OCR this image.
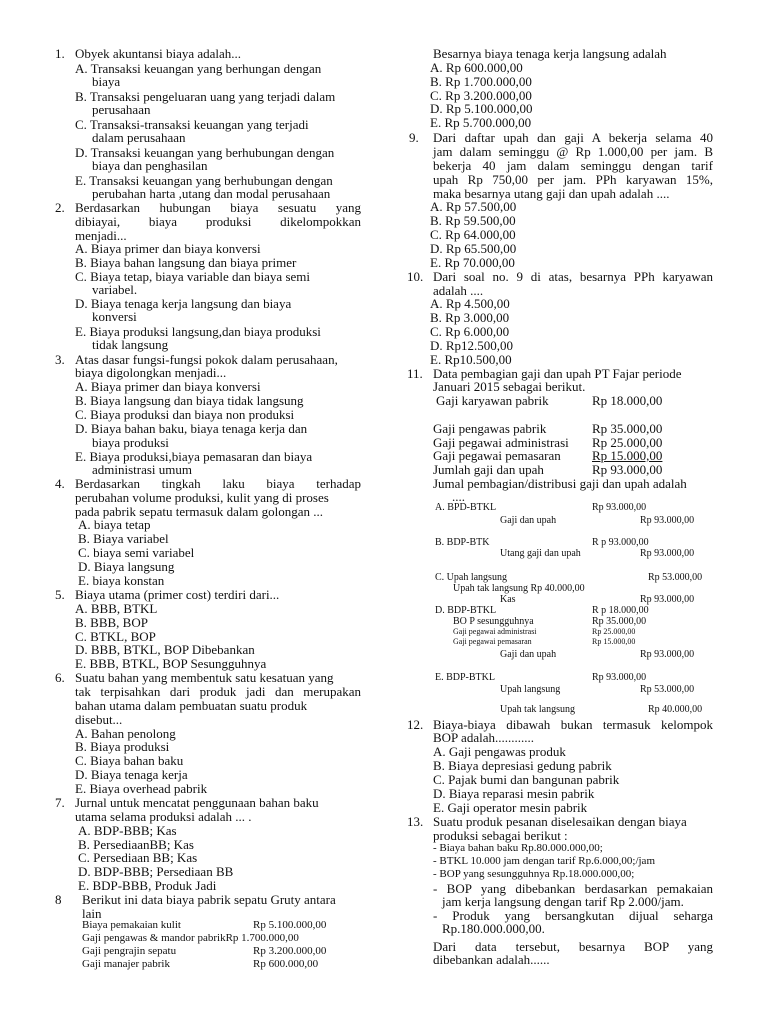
1. Obyek akuntansi biaya adalah...
A. Transaksi keuangan yang berhungan dengan
biaya
B. Transaksi pengeluaran uang yang terjadi dalam
perusahaan
C. Transaksi-transaksi keuangan yang terjadi
dalam perusahaan
D. Transaksi keuangan yang berhubungan dengan
biaya dan penghasilan
E. Transaksi keuangan yang berhubungan dengan
perubahan harta ,utang dan modal perusahaan
2. Berdasarkan hubungan biaya sesuatu yang
dibiayai, biaya produksi dikelompokkan
menjadi...
A. Biaya primer dan biaya konversi
B. Biaya bahan langsung dan biaya primer
C. Biaya tetap, biaya variable dan biaya semi
variabel.
D. Biaya tenaga kerja langsung dan biaya
konversi
E. Biaya produksi langsung,dan biaya produksi
tidak langsung
3. Atas dasar fungsi-fungsi pokok dalam perusahaan,
biaya digolongkan menjadi...
A. Biaya primer dan biaya konversi
B. Biaya langsung dan biaya tidak langsung
C. Biaya produksi dan biaya non produksi
D. Biaya bahan baku, biaya tenaga kerja dan
biaya produksi
E. Biaya produksi,biaya pemasaran dan biaya
administrasi umum
4. Berdasarkan tingkah laku biaya terhadap
perubahan volume produksi, kulit yang di proses
pada pabrik sepatu termasuk dalam golongan ...
A. biaya tetap
B. Biaya variabel
C. biaya semi variabel
D. Biaya langsung
E. biaya konstan
5. Biaya utama (primer cost) terdiri dari...
A. BBB, BTKL
B. BBB, BOP
C. BTKL, BOP
D. BBB, BTKL, BOP Dibebankan
E. BBB, BTKL, BOP Sesungguhnya
6. Suatu bahan yang membentuk satu kesatuan yang
tak terpisahkan dari produk jadi dan merupakan
bahan utama dalam pembuatan suatu produk
disebut...
A. Bahan penolong
B. Biaya produksi
C. Biaya bahan baku
D. Biaya tenaga kerja
E. Biaya overhead pabrik
7. Jurnal untuk mencatat penggunaan bahan baku
utama selama produksi adalah ... .
A. BDP-BBB; Kas
B. PersediaanBB; Kas
C. Persediaan BB; Kas
D. BDP-BBB; Persediaan BB
E. BDP-BBB, Produk Jadi
8 Berikut ini data biaya pabrik sepatu Gruty antara
lain
Biaya pemakaian kulit	Rp 5.100.000,00
Gaji pengawas & mandor pabrikRp 1.700.000,00
Gaji pengrajin sepatu	Rp 3.200.000,00
Gaji manajer pabrik	Rp 600.000,00
Besarnya biaya tenaga kerja langsung adalah
A. Rp 600.000,00
B. Rp 1.700.000,00
C. Rp 3.200.000,00
D. Rp 5.100.000,00
E. Rp 5.700.000,00
9. Dari daftar upah dan gaji A bekerja selama 40
jam dalam seminggu @ Rp 1.000,00 per jam. B
bekerja 40 jam dalam seminggu dengan tarif
upah Rp 750,00 per jam. PPh karyawan 15%,
maka besarnya utang gaji dan upah adalah ....
A. Rp 57.500,00
B. Rp 59.500,00
C. Rp 64.000,00
D. Rp 65.500,00
E. Rp 70.000,00
10. Dari soal no. 9 di atas, besarnya PPh karyawan
adalah ....
A. Rp 4.500,00
B. Rp 3.000,00
C. Rp 6.000,00
D. Rp12.500,00
E. Rp10.500,00
11. Data pembagian gaji dan upah PT Fajar periode
Januari 2015 sebagai berikut.
Gaji karyawan pabrik	Rp 18.000,00
Gaji pengawas pabrik	Rp 35.000,00
Gaji pegawai administrasi Rp 25.000,00
Gaji pegawai pemasaran Rp 15.000,00
Jumlah gaji dan upah	Rp 93.000,00
Jumal pembagian/distribusi gaji dan upah adalah
....
A. BPD-BTKL	Rp 93.000,00
Gaji dan upah	Rp 93.000,00
B. BDP-BTK	R p 93.000,00
Utang gaji dan upah	Rp 93.000,00
C. Upah langsung	Rp 53.000,00
Upah tak langsung Rp 40.000,00
Kas	Rp 93.000,00
D. BDP-BTKL	R p 18.000,00
BO P sesungguhnya	Rp 35.000,00
Gaji pegawai administrasi	Rp 25.000,00
Gaji pegawai pemasaran	Rp 15.000,00
Gaji dan upah	Rp 93.000,00
E. BDP-BTKL	Rp 93.000,00
Upah langsung	Rp 53.000,00
Upah tak langsung	Rp 40.000,00
12. Biaya-biaya dibawah bukan termasuk kelompok
BOP adalah............
A. Gaji pengawas produk
B. Biaya depresiasi gedung pabrik
C. Pajak bumi dan bangunan pabrik
D. Biaya reparasi mesin pabrik
E. Gaji operator mesin pabrik
13. Suatu produk pesanan diselesaikan dengan biaya
produksi sebagai berikut :
- Biaya bahan baku Rp.80.000.000,00;
- BTKL 10.000 jam dengan tarif Rp.6.000,00;/jam
- BOP yang sesungguhnya Rp.18.000.000,00;
- BOP yang dibebankan berdasarkan pemakaian
jam kerja langsung dengan tarif Rp 2.000/jam.
- Produk yang bersangkutan dijual seharga
Rp.180.000.000,00.
Dari data tersebut, besarnya BOP yang
dibebankan adalah......
